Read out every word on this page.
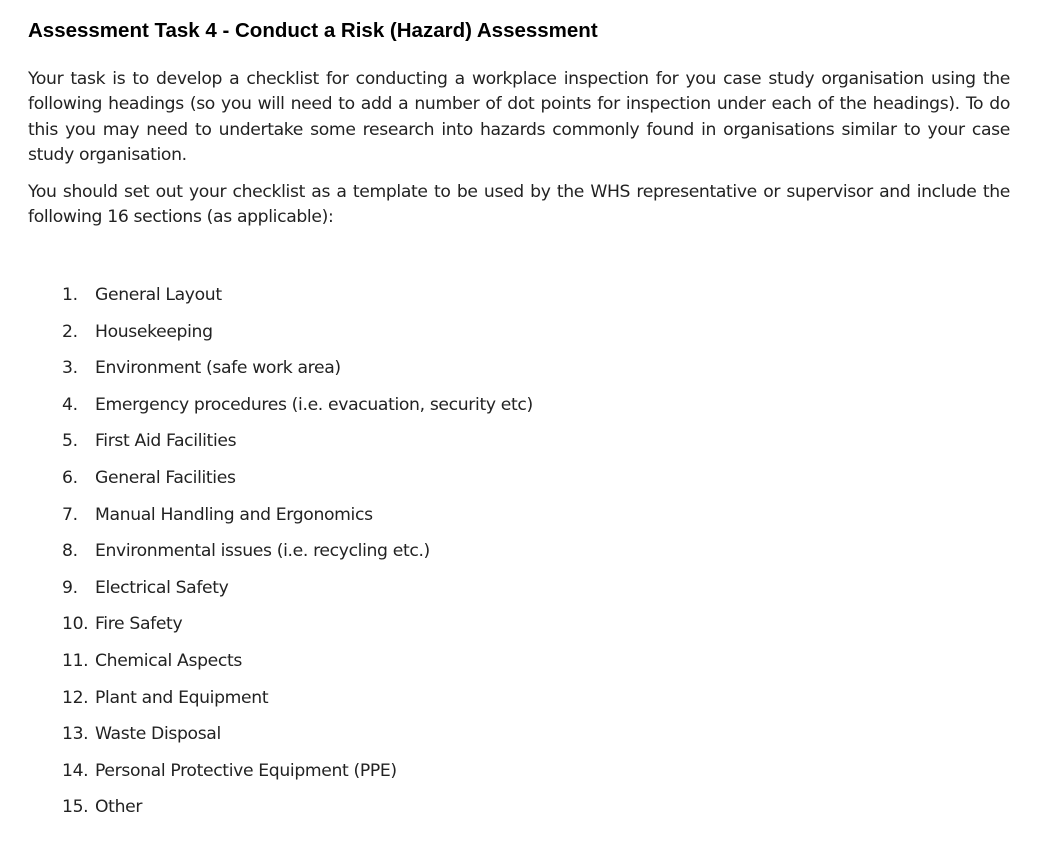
Assessment Task 4 - Conduct a Risk (Hazard) Assessment

Your task is to develop a checklist for conducting a workplace inspection for you case study organisation using the following headings (so you will need to add a number of dot points for inspection under each of the headings). To do this you may need to undertake some research into hazards commonly found in organisations similar to your case study organisation.

You should set out your checklist as a template to be used by the WHS representative or supervisor and include the following 16 sections (as applicable):

1.	General Layout
2.	Housekeeping
3.	Environment (safe work area)
4.	Emergency procedures (i.e. evacuation, security etc)
5.	First Aid Facilities
6.	General Facilities
7.	Manual Handling and Ergonomics
8.	Environmental issues (i.e. recycling etc.)
9.	Electrical Safety
10. Fire Safety
11. Chemical Aspects
12. Plant and Equipment
13. Waste Disposal
14. Personal Protective Equipment (PPE)
15. Other
